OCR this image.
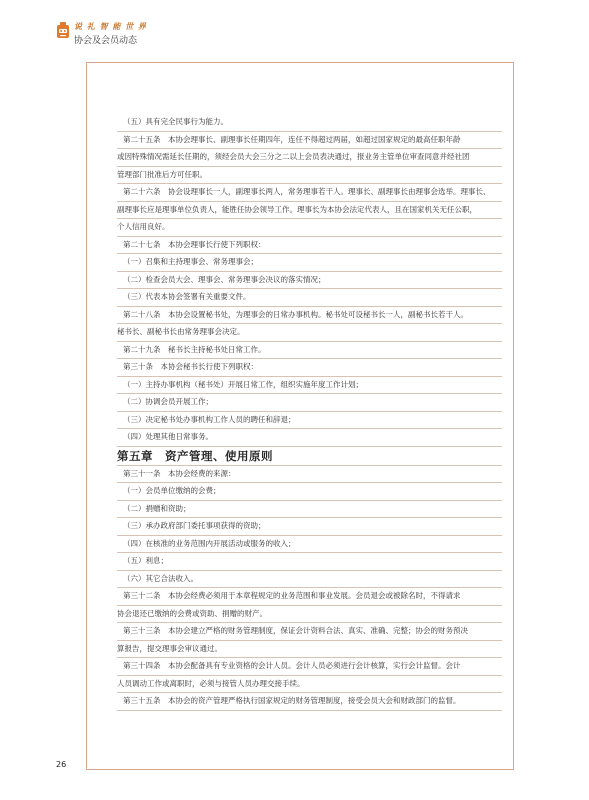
说 礼 智 能 世 界
协会及会员动态
（五）具有完全民事行为能力。
第二十五条　本协会理事长、副理事长任期四年，连任不得超过两届，如超过国家规定的最高任职年龄
或因特殊情况需延长任期的，须经会员大会三分之二以上会员表决通过，报业务主管单位审查同意并经社团
管理部门批准后方可任职。
第二十六条　协会设理事长一人，副理事长两人，常务理事若干人。理事长、副理事长由理事会选举。理事长、
副理事长应是理事单位负责人，能胜任协会领导工作。理事长为本协会法定代表人，且在国家机关无任公职，
个人信用良好。
第二十七条　本协会理事长行使下列职权：
（一）召集和主持理事会、常务理事会；
（二）检查会员大会、理事会、常务理事会决议的落实情况；
（三）代表本协会签署有关重要文件。
第二十八条　本协会设置秘书处，为理事会的日常办事机构。秘书处可设秘书长一人，副秘书长若干人。
秘书长、副秘书长由常务理事会决定。
第二十九条　秘书长主持秘书处日常工作。
第三十条　本协会秘书长行使下列职权：
（一）主持办事机构（秘书处）开展日常工作，组织实施年度工作计划；
（二）协调会员开展工作；
（三）决定秘书处办事机构工作人员的聘任和辞退；
（四）处理其他日常事务。
第五章　资产管理、使用原则
第三十一条　本协会经费的来源：
（一）会员单位缴纳的会费；
（二）捐赠和资助；
（三）承办政府部门委托事项获得的资助；
（四）在核准的业务范围内开展活动或服务的收入；
（五）利息；
（六）其它合法收入。
第三十二条　本协会经费必须用于本章程规定的业务范围和事业发展。会员退会或被除名时，不得请求
协会退还已缴纳的会费或资助、捐赠的财产。
第三十三条　本协会建立严格的财务管理制度，保证会计资料合法、真实、准确、完整；协会的财务预决
算报告，提交理事会审议通过。
第三十四条　本协会配备具有专业资格的会计人员。会计人员必须进行会计核算，实行会计监督。会计
人员调动工作或离职时，必须与接管人员办理交接手续。
第三十五条　本协会的资产管理严格执行国家规定的财务管理制度，接受会员大会和财政部门的监督。
26
